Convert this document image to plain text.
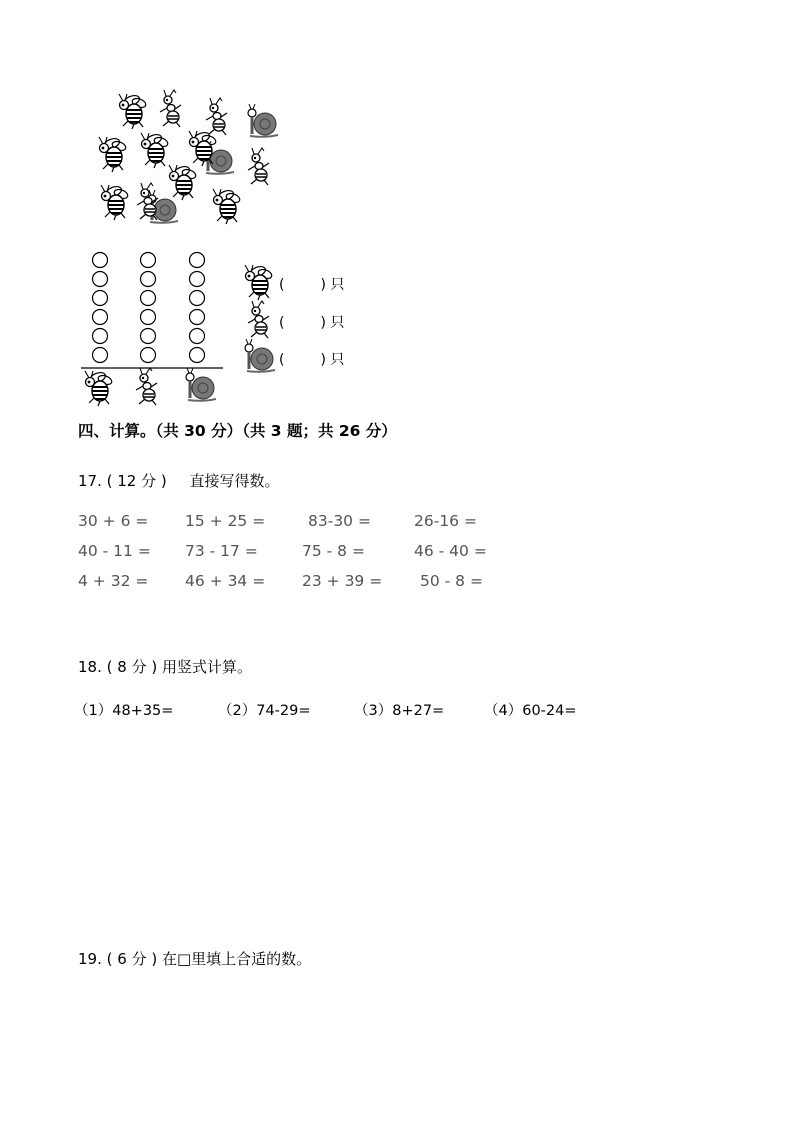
(	) 只
(	) 只
(	) 只
四、计算。（共 30 分）（共 3 题；共 26 分）
17. ( 12 分 ) 直接写得数。
30 + 6 = 15 + 25 =	83-30 =	26-16 =
40 - 11 = 73 - 17 =	75 - 8 =	46 - 40 =
4 + 32 = 46 + 34 = 23 + 39 = 50 - 8 =
18. ( 8 分 ) 用竖式计算。
（1）48+35=	（2）74-29=	（3）8+27=	（4）60-24=
19. ( 6 分 ) 在□里填上合适的数。
